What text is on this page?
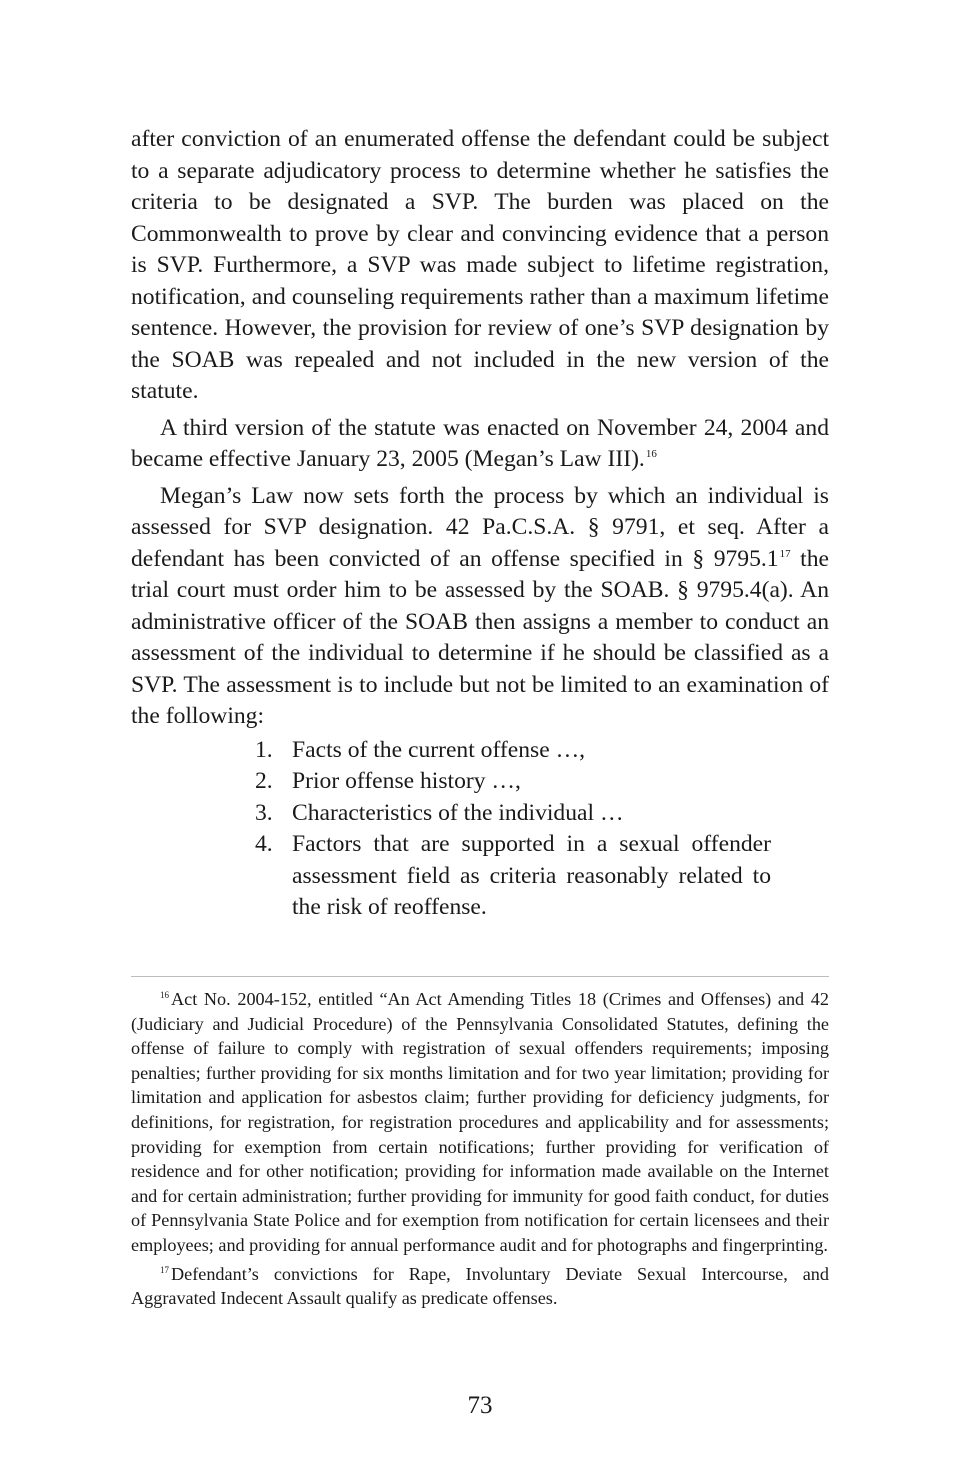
after conviction of an enumerated offense the defendant could be subject to a separate adjudicatory process to determine whether he satisfies the criteria to be designated a SVP. The burden was placed on the Commonwealth to prove by clear and convincing evidence that a person is SVP. Furthermore, a SVP was made subject to lifetime registration, notification, and counseling requirements rather than a maximum lifetime sentence. However, the provision for review of one’s SVP designation by the SOAB was repealed and not included in the new version of the statute.

A third version of the statute was enacted on November 24, 2004 and became effective January 23, 2005 (Megan’s Law III).$^{16}$

Megan’s Law now sets forth the process by which an individual is assessed for SVP designation. 42 Pa.C.S.A. § 9791, et seq. After a defendant has been convicted of an offense specified in § 9795.1$^{17}$ the trial court must order him to be assessed by the SOAB. § 9795.4(a). An administrative officer of the SOAB then assigns a member to conduct an assessment of the individual to determine if he should be classified as a SVP. The assessment is to include but not be limited to an examination of the following:

1. Facts of the current offense …,
2. Prior offense history …,
3. Characteristics of the individual …
4. Factors that are supported in a sexual offender assessment field as criteria reasonably related to the risk of reoffense.

$^{16}$ Act No. 2004-152, entitled “An Act Amending Titles 18 (Crimes and Offenses) and 42 (Judiciary and Judicial Procedure) of the Pennsylvania Consolidated Statutes, defining the offense of failure to comply with registration of sexual offenders requirements; imposing penalties; further providing for six months limitation and for two year limitation; providing for limitation and application for asbestos claim; further providing for deficiency judgments, for definitions, for registration, for registration procedures and applicability and for assessments; providing for exemption from certain notifications; further providing for verification of residence and for other notification; providing for information made available on the Internet and for certain administration; further providing for immunity for good faith conduct, for duties of Pennsylvania State Police and for exemption from notification for certain licensees and their employees; and providing for annual performance audit and for photographs and fingerprinting.

$^{17}$ Defendant’s convictions for Rape, Involuntary Deviate Sexual Intercourse, and Aggravated Indecent Assault qualify as predicate offenses.

73
